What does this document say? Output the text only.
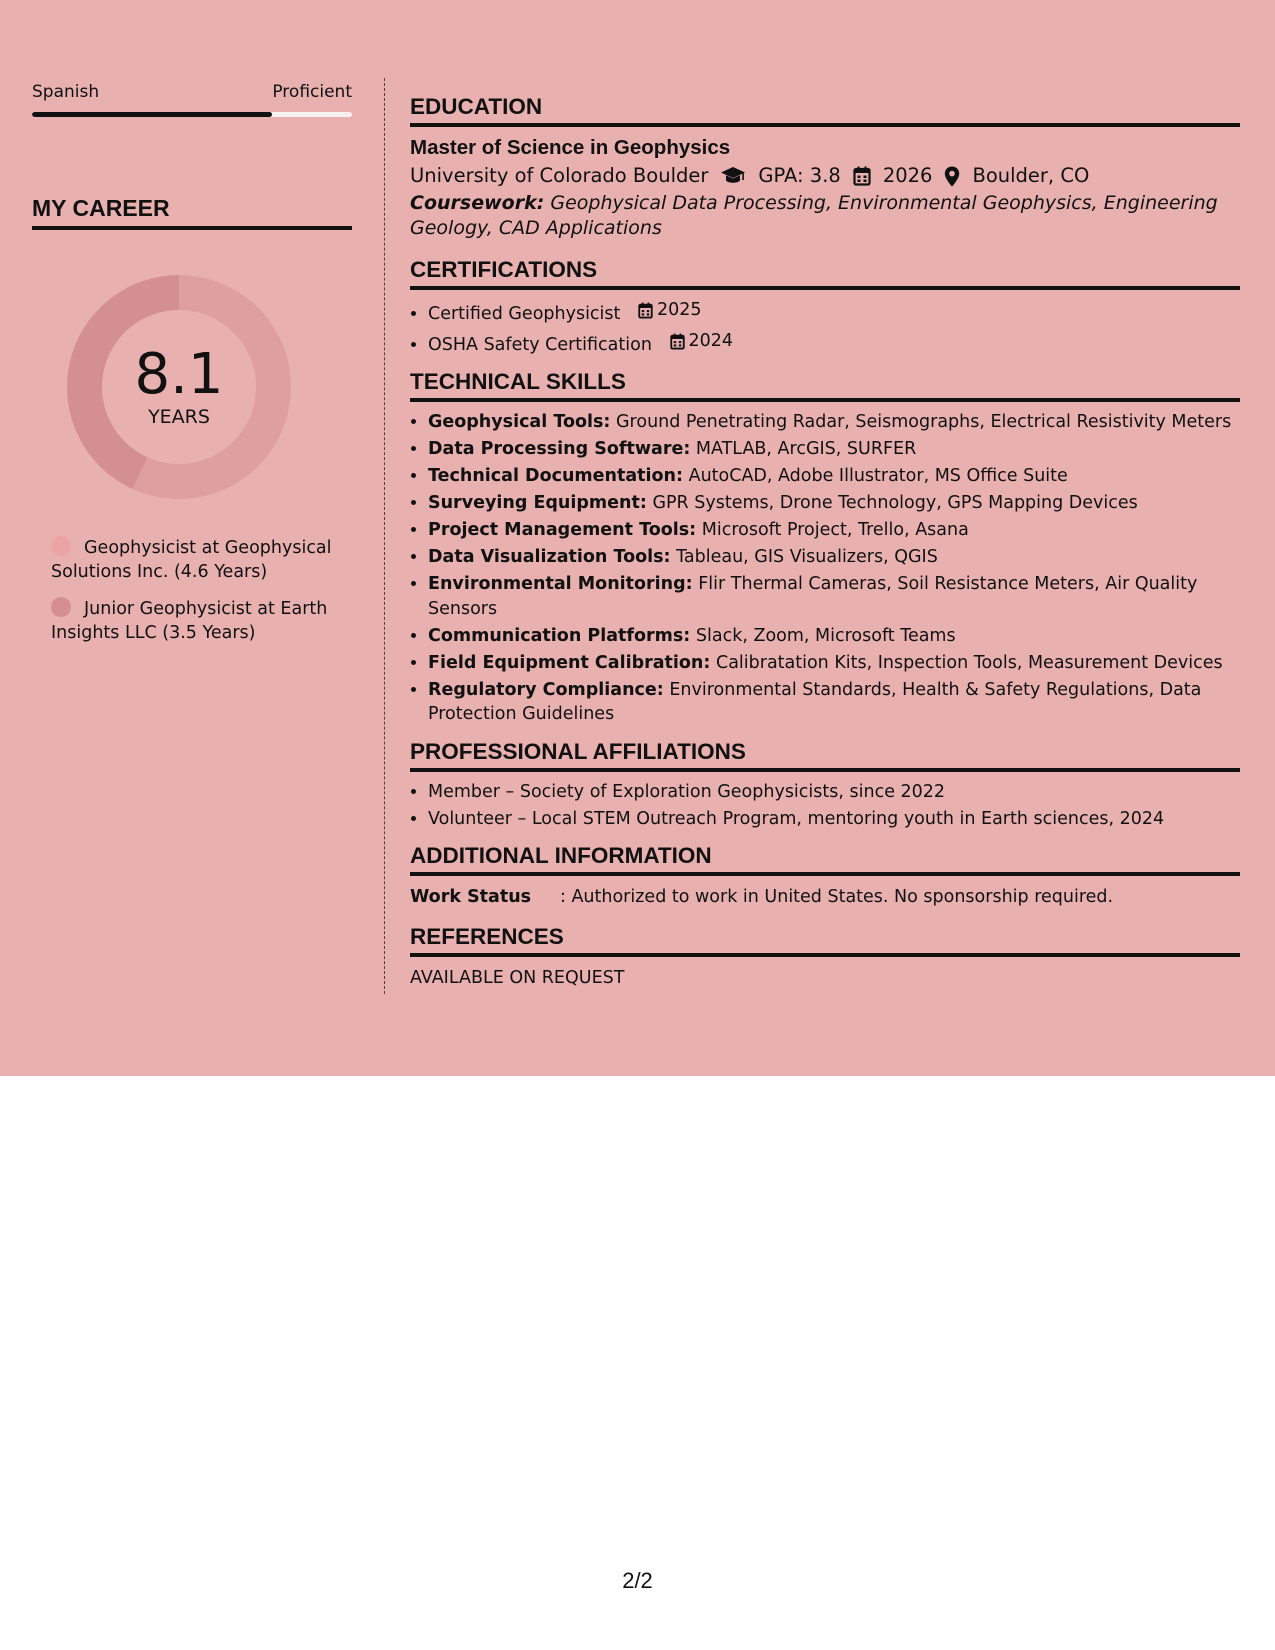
Spanish	Proficient
MY CAREER
8.1
YEARS
Geophysicist at Geophysical Solutions Inc. (4.6 Years)
Junior Geophysicist at Earth Insights LLC (3.5 Years)
EDUCATION
Master of Science in Geophysics
University of Colorado Boulder	GPA: 3.8 2026 Boulder, CO
Coursework: Geophysical Data Processing, Environmental Geophysics, Engineering Geology, CAD Applications
CERTIFICATIONS
• Certified Geophysicist 2025
• OSHA Safety Certification 2024
TECHNICAL SKILLS
• Geophysical Tools: Ground Penetrating Radar, Seismographs, Electrical Resistivity Meters
• Data Processing Software: MATLAB, ArcGIS, SURFER
• Technical Documentation: AutoCAD, Adobe Illustrator, MS Office Suite
• Surveying Equipment: GPR Systems, Drone Technology, GPS Mapping Devices
• Project Management Tools: Microsoft Project, Trello, Asana
• Data Visualization Tools: Tableau, GIS Visualizers, QGIS
• Environmental Monitoring: Flir Thermal Cameras, Soil Resistance Meters, Air Quality Sensors
• Communication Platforms: Slack, Zoom, Microsoft Teams
• Field Equipment Calibration: Calibratation Kits, Inspection Tools, Measurement Devices
• Regulatory Compliance: Environmental Standards, Health & Safety Regulations, Data Protection Guidelines
PROFESSIONAL AFFILIATIONS
• Member – Society of Exploration Geophysicists, since 2022
• Volunteer – Local STEM Outreach Program, mentoring youth in Earth sciences, 2024
ADDITIONAL INFORMATION
Work Status	: Authorized to work in United States. No sponsorship required.
REFERENCES
AVAILABLE ON REQUEST
2/2
